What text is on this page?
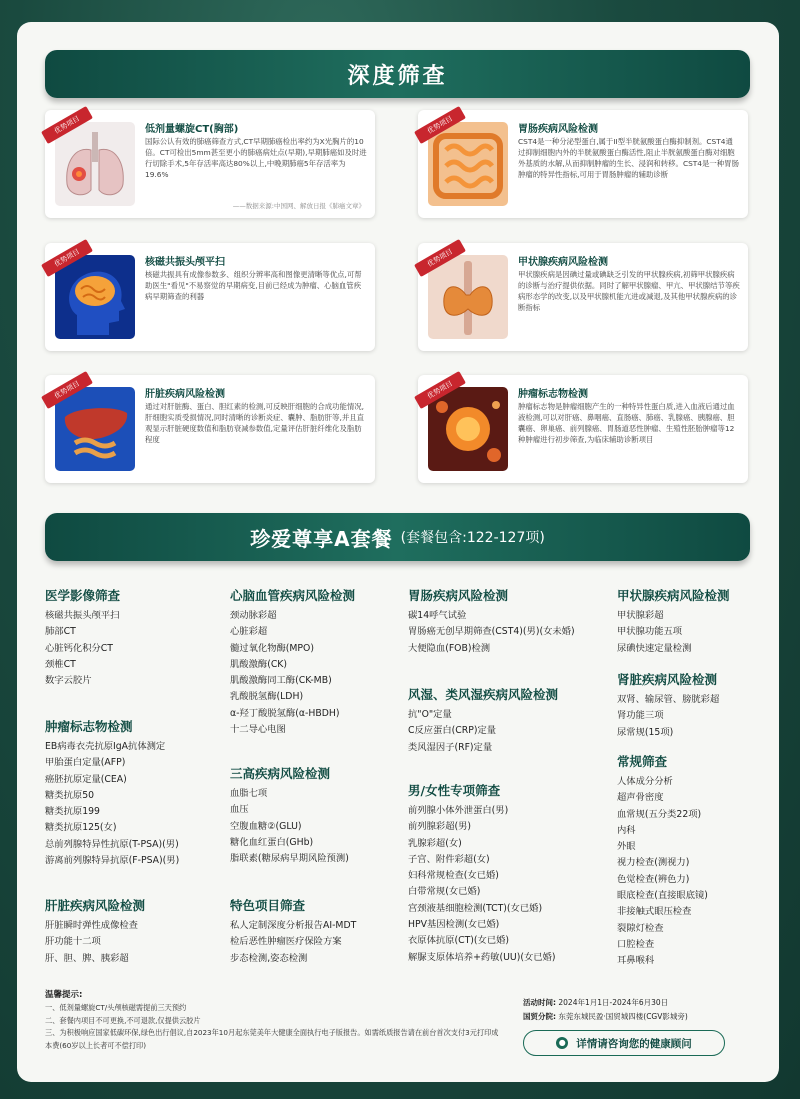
深度筛查
优势项目	低剂量螺旋CT(胸部)
国际公认有效的肺癌筛查方式,CT早期肺癌检出率约为X光胸片的10倍。CT可检出5mm甚至更小的肺癌病灶点(早期),早期肺癌如及时进行切除手术,5年存活率高达80%以上,中晚期肺癌5年存活率为19.6%
——数据来源:中国网、解放日报《肺癌文章》
优势项目	胃肠疾病风险检测
CST4是一种分泌型蛋白,属于II型半胱氨酸蛋白酶抑制剂。CST4通过抑制细胞内外的半胱氨酸蛋白酶活性,阻止半胱氨酸蛋白酶对细胞外基质的水解,从而抑制肿瘤的生长、浸润和转移。CST4是一种胃肠肿瘤的特异性指标,可用于胃肠肿瘤的辅助诊断
优势项目	核磁共振头颅平扫
核磁共振具有成像参数多、组织分辨率高和图像更清晰等优点,可帮助医生"看见"不易察觉的早期病变,目前已经成为肿瘤、心脑血管疾病早期筛查的利器
优势项目	甲状腺疾病风险检测
甲状腺疾病是因碘过量或碘缺乏引发的甲状腺疾病,初筛甲状腺疾病的诊断与治疗提供依据。同时了解甲状腺瘤、甲亢、甲状腺结节等疾病形态学的改变,以及甲状腺机能亢进或减退,及其他甲状腺疾病的诊断指标
优势项目	肝脏疾病风险检测
通过对肝脏酶、蛋白、胆红素的检测,可反映肝细胞的合成功能情况,肝细胞实质受损情况,同时清晰的诊断炎症、囊肿、脂肪肝等,并且直观显示肝脏硬度数值和脂肪衰减参数值,定量评估肝脏纤维化及脂肪程度
优势项目	肿瘤标志物检测
肿瘤标志物是肿瘤细胞产生的一种特异性蛋白质,进入血液后通过血液检测,可以对肝癌、鼻咽癌、直肠癌、肺癌、乳腺癌、胰腺癌、胆囊癌、卵巢癌、前列腺癌、胃肠道恶性肿瘤、生殖性胚胎肿瘤等12种肿瘤进行初步筛查,为临床辅助诊断项目
珍爱尊享A套餐 (套餐包含:122-127项)
医学影像筛查
核磁共振头颅平扫
肺部CT
心脏钙化积分CT
颈椎CT
数字云胶片
肿瘤标志物检测
EB病毒衣壳抗原IgA抗体测定
甲胎蛋白定量(AFP)
癌胚抗原定量(CEA)
糖类抗原50
糖类抗原199
糖类抗原125(女)
总前列腺特异性抗原(T-PSA)(男)
游离前列腺特异抗原(F-PSA)(男)
肝脏疾病风险检测
肝脏瞬时弹性成像检查
肝功能十二项
肝、胆、脾、胰彩超
心脑血管疾病风险检测
颈动脉彩超
心脏彩超
髓过氧化物酶(MPO)
肌酸激酶(CK)
肌酸激酶同工酶(CK-MB)
乳酸脱氢酶(LDH)
α-羟丁酸脱氢酶(α-HBDH)
十二导心电图
三高疾病风险检测
血脂七项
血压
空腹血糖②(GLU)
糖化血红蛋白(GHb)
脂联素(糖尿病早期风险预测)
特色项目筛查
私人定制深度分析报告AI-MDT
检后恶性肿瘤医疗保险方案
步态检测,姿态检测
胃肠疾病风险检测
碳14呼气试验
胃肠癌无创早期筛查(CST4)(男)(女未婚)
大便隐血(FOB)检测
风湿、类风湿疾病风险检测
抗"O"定量
C反应蛋白(CRP)定量
类风湿因子(RF)定量
男/女性专项筛查
前列腺小体外泄蛋白(男)
前列腺彩超(男)
乳腺彩超(女)
子宫、附件彩超(女)
妇科常规检查(女已婚)
白带常规(女已婚)
宫颈液基细胞检测(TCT)(女已婚)
HPV基因检测(女已婚)
衣原体抗原(CT)(女已婚)
解脲支原体培养+药敏(UU)(女已婚)
甲状腺疾病风险检测
甲状腺彩超
甲状腺功能五项
尿碘快速定量检测
肾脏疾病风险检测
双肾、输尿管、膀胱彩超
肾功能三项
尿常规(15项)
常规筛查
人体成分分析
超声骨密度
血常规(五分类22项)
内科
外眼
视力检查(测视力)
色觉检查(辨色力)
眼底检查(直接眼底镜)
非接触式眼压检查
裂隙灯检查
口腔检查
耳鼻喉科
温馨提示:
一、低剂量螺旋CT/头颅核磁需提前三天预约
二、套餐内项目不可更换,不可退款,仅提供云胶片
三、为积极响应国家低碳环保,绿色出行倡议,自2023年10月起东莞美年大健康全面执行电子版报告。如需纸质报告请在前台首次支付3元打印成本费(60岁以上长者可不偿打印)
活动时间: 2024年1月1日-2024年6月30日
国贸分院: 东莞东城民盈·国贸城四楼(CGV影城旁)
● 详情请咨询您的健康顾问
